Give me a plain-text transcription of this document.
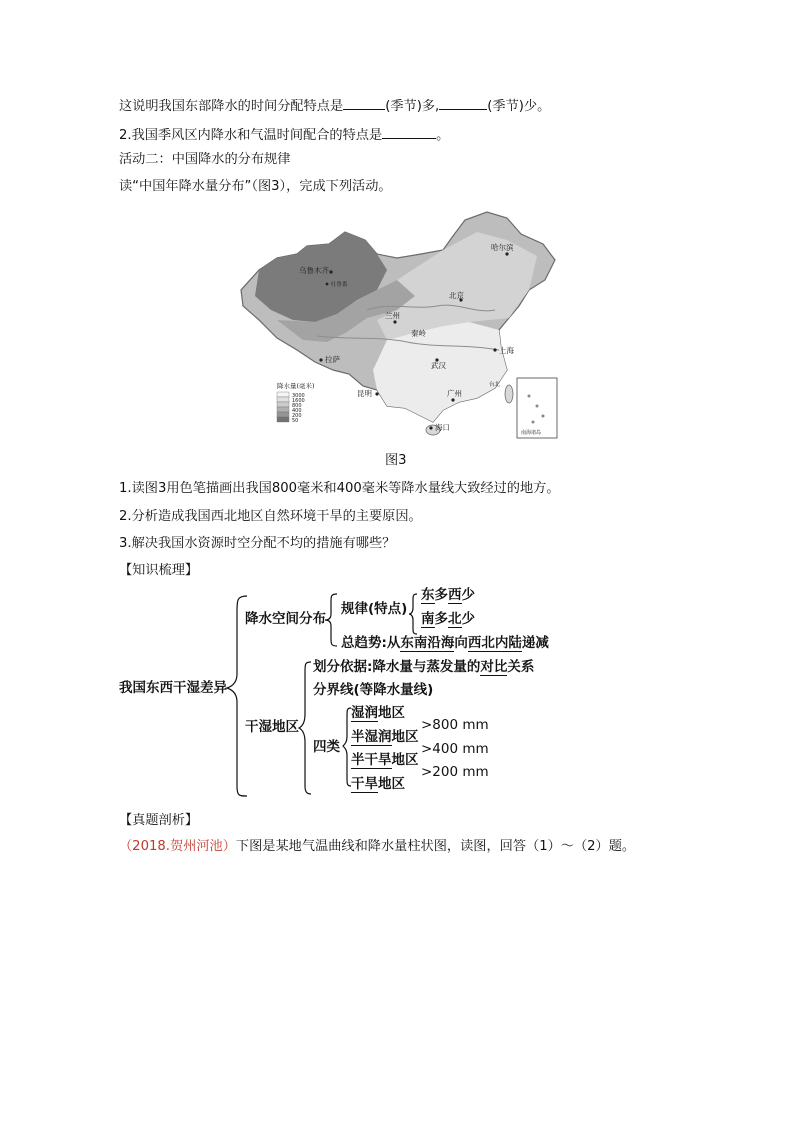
这说明我国东部降水的时间分配特点是	(季节)多,	(季节)少。
2.我国季风区内降水和气温时间配合的特点是	。
活动二：中国降水的分布规律
读“中国年降水量分布”（图3），完成下列活动。
乌鲁木齐
吐鲁番
哈尔滨
北京
兰州
秦岭
拉萨
武汉
上海
昆明	广州
台北
海口
降水量(毫米)
3000
1600
800
400
200
50
南海诸岛
图3
1.读图3用色笔描画出我国800毫米和400毫米等降水量线大致经过的地方。
2.分析造成我国西北地区自然环境干旱的主要原因。
3.解决我国水资源时空分配不均的措施有哪些？
【知识梳理】
我国东西干湿差异
降水空间分布
规律(特点)
东多西少
南多北少
总趋势:从东南沿海向西北内陆递减
干湿地区
划分依据:降水量与蒸发量的对比关系
分界线(等降水量线)
四类
湿润地区
半湿润地区
半干旱地区
干旱地区
>800 mm
>400 mm
>200 mm
【真题剖析】
（2018.贺州河池）下图是某地气温曲线和降水量柱状图，读图，回答（1）～（2）题。
